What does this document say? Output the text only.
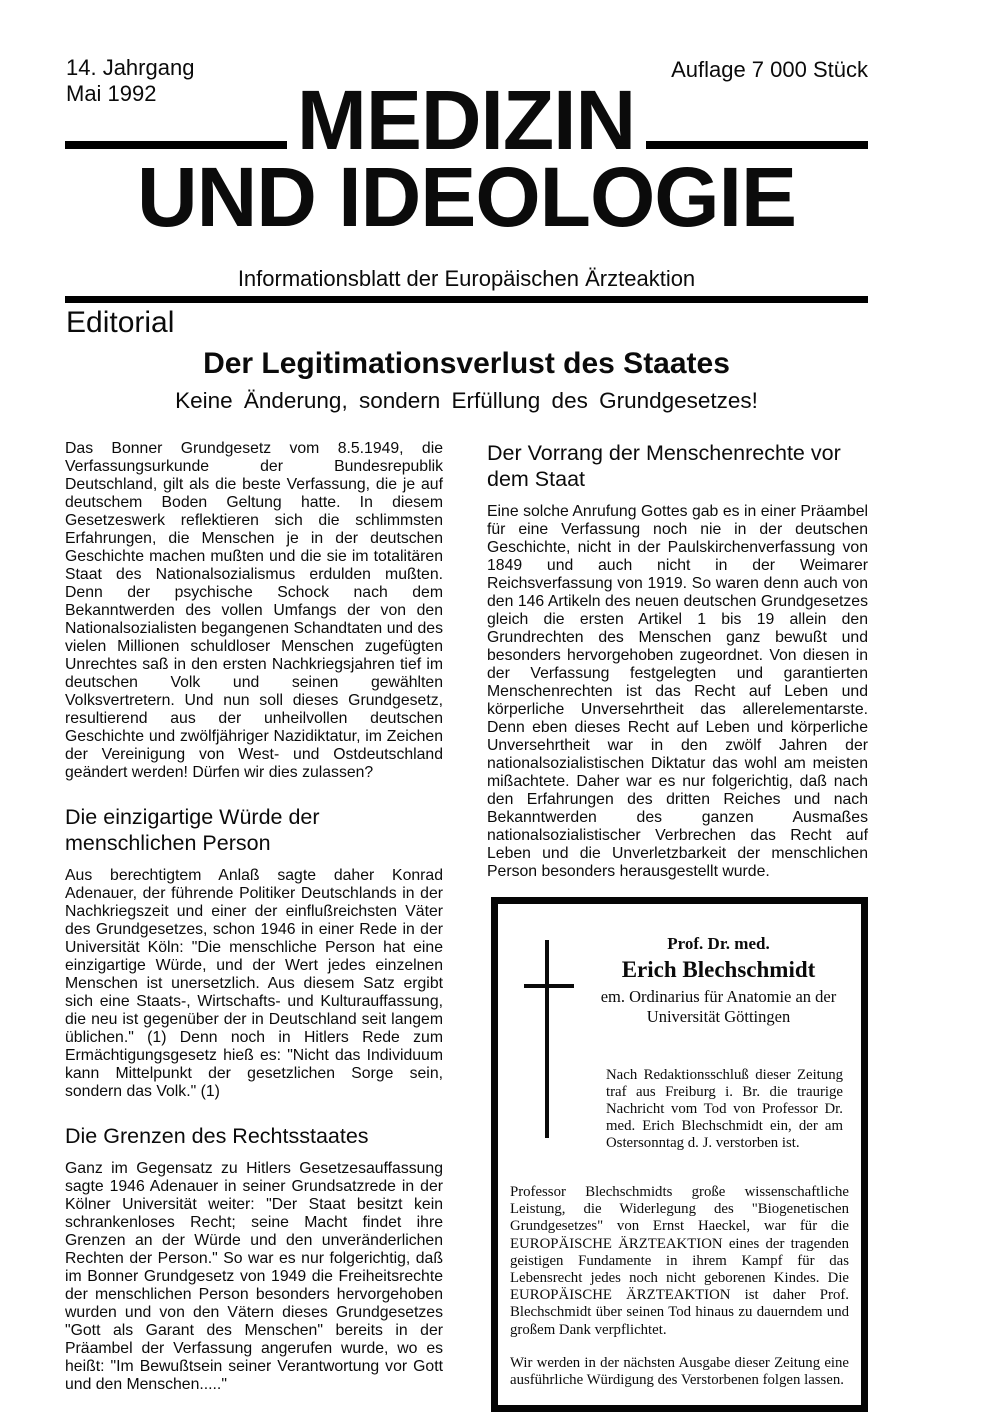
14. Jahrgang
Mai 1992
Auflage 7 000 Stück
MEDIZIN
UND IDEOLOGIE
Informationsblatt der Europäischen Ärzteaktion
Editorial
Der Legitimationsverlust des Staates
Keine Änderung, sondern Erfüllung des Grundgesetzes!

Das Bonner Grundgesetz vom 8.5.1949, die Verfassungsurkunde der Bundesrepublik Deutschland, gilt als die beste Verfassung, die je auf deutschem Boden Geltung hatte. In diesem Gesetzeswerk reflektieren sich die schlimmsten Erfahrungen, die Menschen je in der deutschen Geschichte machen mußten und die sie im totalitären Staat des Nationalsozialismus erdulden mußten. Denn der psychische Schock nach dem Bekanntwerden des vollen Umfangs der von den Nationalsozialisten begangenen Schandtaten und des vielen Millionen schuldloser Menschen zugefügten Unrechtes saß in den ersten Nachkriegsjahren tief im deutschen Volk und seinen gewählten Volksvertretern. Und nun soll dieses Grundgesetz, resultierend aus der unheilvollen deutschen Geschichte und zwölfjähriger Nazidiktatur, im Zeichen der Vereinigung von West- und Ostdeutschland geändert werden! Dürfen wir dies zulassen?

Die einzigartige Würde der menschlichen Person

Aus berechtigtem Anlaß sagte daher Konrad Adenauer, der führende Politiker Deutschlands in der Nachkriegszeit und einer der einflußreichsten Väter des Grundgesetzes, schon 1946 in einer Rede in der Universität Köln: "Die menschliche Person hat eine einzigartige Würde, und der Wert jedes einzelnen Menschen ist unersetzlich. Aus diesem Satz ergibt sich eine Staats-, Wirtschafts- und Kulturauffassung, die neu ist gegenüber der in Deutschland seit langem üblichen." (1) Denn noch in Hitlers Rede zum Ermächtigungsgesetz hieß es: "Nicht das Individuum kann Mittelpunkt der gesetzlichen Sorge sein, sondern das Volk." (1)

Die Grenzen des Rechtsstaates

Ganz im Gegensatz zu Hitlers Gesetzesauffassung sagte 1946 Adenauer in seiner Grundsatzrede in der Kölner Universität weiter: "Der Staat besitzt kein schrankenloses Recht; seine Macht findet ihre Grenzen an der Würde und den unveränderlichen Rechten der Person." So war es nur folgerichtig, daß im Bonner Grundgesetz von 1949 die Freiheitsrechte der menschlichen Person besonders hervorgehoben wurden und von den Vätern dieses Grundgesetzes "Gott als Garant des Menschen" bereits in der Präambel der Verfassung angerufen wurde, wo es heißt: "Im Bewußtsein seiner Verantwortung vor Gott und den Menschen....."

Der Vorrang der Menschenrechte vor dem Staat

Eine solche Anrufung Gottes gab es in einer Präambel für eine Verfassung noch nie in der deutschen Geschichte, nicht in der Paulskirchenverfassung von 1849 und auch nicht in der Weimarer Reichsverfassung von 1919. So waren denn auch von den 146 Artikeln des neuen deutschen Grundgesetzes gleich die ersten Artikel 1 bis 19 allein den Grundrechten des Menschen ganz bewußt und besonders hervorgehoben zugeordnet. Von diesen in der Verfassung festgelegten und garantierten Menschenrechten ist das Recht auf Leben und körperliche Unversehrtheit das allerelementarste. Denn eben dieses Recht auf Leben und körperliche Unversehrtheit war in den zwölf Jahren der nationalsozialistischen Diktatur das wohl am meisten mißachtete. Daher war es nur folgerichtig, daß nach den Erfahrungen des dritten Reiches und nach Bekanntwerden des ganzen Ausmaßes nationalsozialistischer Verbrechen das Recht auf Leben und die Unverletzbarkeit der menschlichen Person besonders herausgestellt wurde.

Prof. Dr. med.
Erich Blechschmidt
em. Ordinarius für Anatomie an der Universität Göttingen

Nach Redaktionsschluß dieser Zeitung traf aus Freiburg i. Br. die traurige Nachricht vom Tod von Professor Dr. med. Erich Blechschmidt ein, der am Ostersonntag d. J. verstorben ist.

Professor Blechschmidts große wissenschaftliche Leistung, die Widerlegung des "Biogenetischen Grundgesetzes" von Ernst Haeckel, war für die EUROPÄISCHE ÄRZTEAKTION eines der tragenden geistigen Fundamente in ihrem Kampf für das Lebensrecht jedes noch nicht geborenen Kindes. Die EUROPÄISCHE ÄRZTEAKTION ist daher Prof. Blechschmidt über seinen Tod hinaus zu dauerndem und großem Dank verpflichtet.

Wir werden in der nächsten Ausgabe dieser Zeitung eine ausführliche Würdigung des Verstorbenen folgen lassen.
